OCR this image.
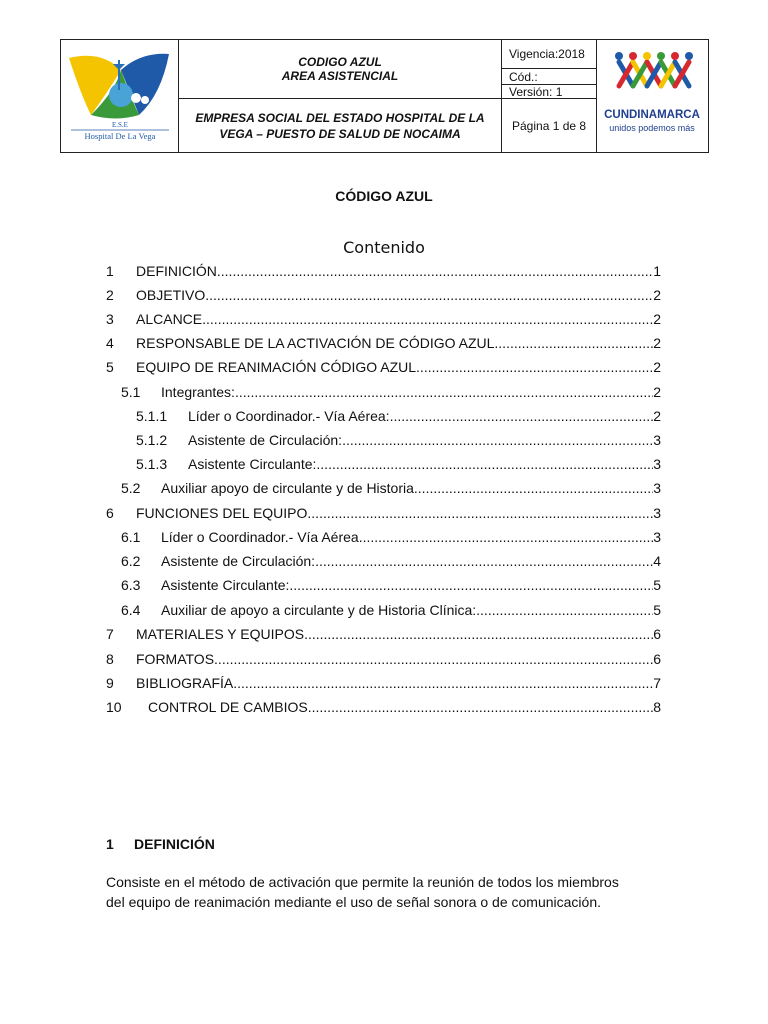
E.S.E
Hospital De La Vega
CODIGO AZUL
AREA ASISTENCIAL
EMPRESA SOCIAL DEL ESTADO HOSPITAL DE LA VEGA – PUESTO DE SALUD DE NOCAIMA
Vigencia:2018
Cód.:
Versión: 1
Página 1 de 8
CUNDINAMARCA
unidos podemos más
CÓDIGO AZUL
Contenido
1 DEFINICIÓN .....	1
2 OBJETIVO .....	2
3 ALCANCE .....	2
4 RESPONSABLE DE LA ACTIVACIÓN DE CÓDIGO AZUL .....	2
5 EQUIPO DE REANIMACIÓN CÓDIGO AZUL .....	2
5.1 Integrantes: .....	2
5.1.1 Líder o Coordinador.- Vía Aérea: .....	2
5.1.2 Asistente de Circulación: .....	3
5.1.3 Asistente Circulante: .....	3
5.2 Auxiliar apoyo de circulante y de Historia .....	3
6 FUNCIONES DEL EQUIPO .....	3
6.1 Líder o Coordinador.- Vía Aérea .....	3
6.2 Asistente de Circulación: .....	4
6.3 Asistente Circulante: .....	5
6.4 Auxiliar de apoyo a circulante y de Historia Clínica: .....	5
7 MATERIALES Y EQUIPOS .....	6
8 FORMATOS .....	6
9 BIBLIOGRAFÍA .....	7
10 CONTROL DE CAMBIOS .....	8
1 DEFINICIÓN
Consiste en el método de activación que permite la reunión de todos los miembros
del equipo de reanimación mediante el uso de señal sonora o de comunicación.
